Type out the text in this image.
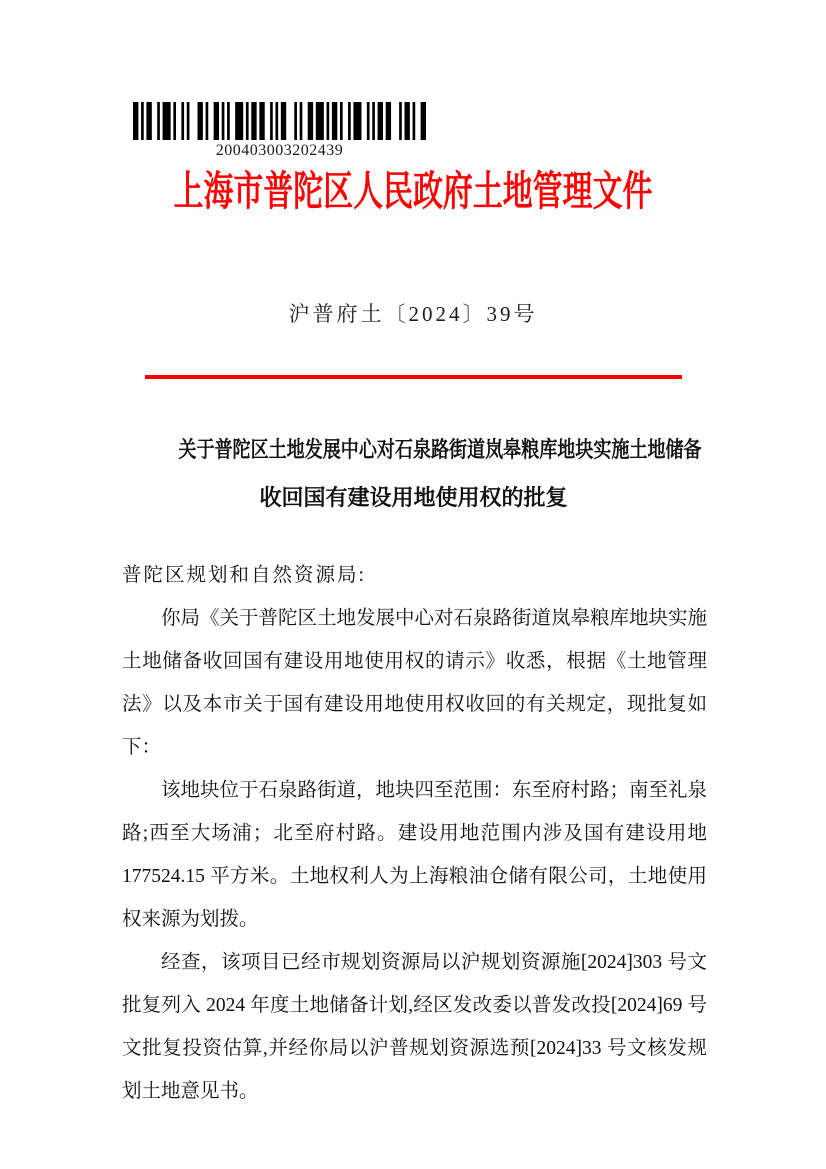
200403003202439
上海市普陀区人民政府土地管理文件
沪普府土〔2024〕39号
关于普陀区土地发展中心对石泉路街道岚皋粮库地块实施土地储备
收回国有建设用地使用权的批复

普陀区规划和自然资源局:

你局《关于普陀区土地发展中心对石泉路街道岚皋粮库地块实施土地储备收回国有建设用地使用权的请示》收悉，根据《土地管理法》以及本市关于国有建设用地使用权收回的有关规定，现批复如下：

该地块位于石泉路街道，地块四至范围：东至府村路；南至礼泉路;西至大场浦；北至府村路。建设用地范围内涉及国有建设用地177524.15 平方米。土地权利人为上海粮油仓储有限公司，土地使用权来源为划拨。

经查，该项目已经市规划资源局以沪规划资源施[2024]303 号文批复列入 2024 年度土地储备计划,经区发改委以普发改投[2024]69 号文批复投资估算,并经你局以沪普规划资源选预[2024]33 号文核发规划土地意见书。
